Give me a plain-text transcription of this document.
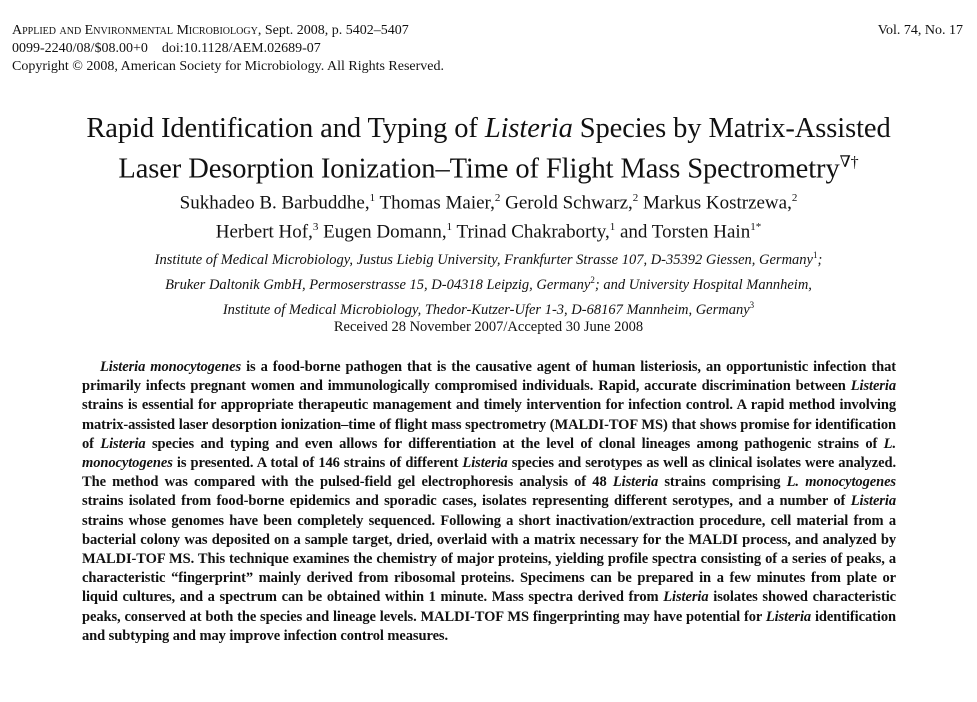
Applied and Environmental Microbiology, Sept. 2008, p. 5402–5407
0099-2240/08/$08.00+0    doi:10.1128/AEM.02689-07
Copyright © 2008, American Society for Microbiology. All Rights Reserved.
Vol. 74, No. 17
Rapid Identification and Typing of Listeria Species by Matrix-Assisted
Laser Desorption Ionization–Time of Flight Mass Spectrometry∇†
Sukhadeo B. Barbuddhe,$^1$ Thomas Maier,$^2$ Gerold Schwarz,$^2$ Markus Kostrzewa,$^2$
Herbert Hof,$^3$ Eugen Domann,$^1$ Trinad Chakraborty,$^1$ and Torsten Hain$^{1*}$
Institute of Medical Microbiology, Justus Liebig University, Frankfurter Strasse 107, D-35392 Giessen, Germany$^1$;
Bruker Daltonik GmbH, Permoserstrasse 15, D-04318 Leipzig, Germany$^2$; and University Hospital Mannheim,
Institute of Medical Microbiology, Thedor-Kutzer-Ufer 1-3, D-68167 Mannheim, Germany$^3$
Received 28 November 2007/Accepted 30 June 2008
Listeria monocytogenes is a food-borne pathogen that is the causative agent of human listeriosis, an opportunistic infection that primarily infects pregnant women and immunologically compromised individuals. Rapid, accurate discrimination between Listeria strains is essential for appropriate therapeutic management and timely intervention for infection control. A rapid method involving matrix-assisted laser desorption ionization–time of flight mass spectrometry (MALDI-TOF MS) that shows promise for identification of Listeria species and typing and even allows for differentiation at the level of clonal lineages among pathogenic strains of L. monocytogenes is presented. A total of 146 strains of different Listeria species and serotypes as well as clinical isolates were analyzed. The method was compared with the pulsed-field gel electrophoresis analysis of 48 Listeria strains comprising L. monocytogenes strains isolated from food-borne epidemics and sporadic cases, isolates representing different serotypes, and a number of Listeria strains whose genomes have been completely sequenced. Following a short inactivation/extraction procedure, cell material from a bacterial colony was deposited on a sample target, dried, overlaid with a matrix necessary for the MALDI process, and analyzed by MALDI-TOF MS. This technique examines the chemistry of major proteins, yielding profile spectra consisting of a series of peaks, a characteristic “fingerprint” mainly derived from ribosomal proteins. Specimens can be prepared in a few minutes from plate or liquid cultures, and a spectrum can be obtained within 1 minute. Mass spectra derived from Listeria isolates showed characteristic peaks, conserved at both the species and lineage levels. MALDI-TOF MS fingerprinting may have potential for Listeria identification and subtyping and may improve infection control measures.
